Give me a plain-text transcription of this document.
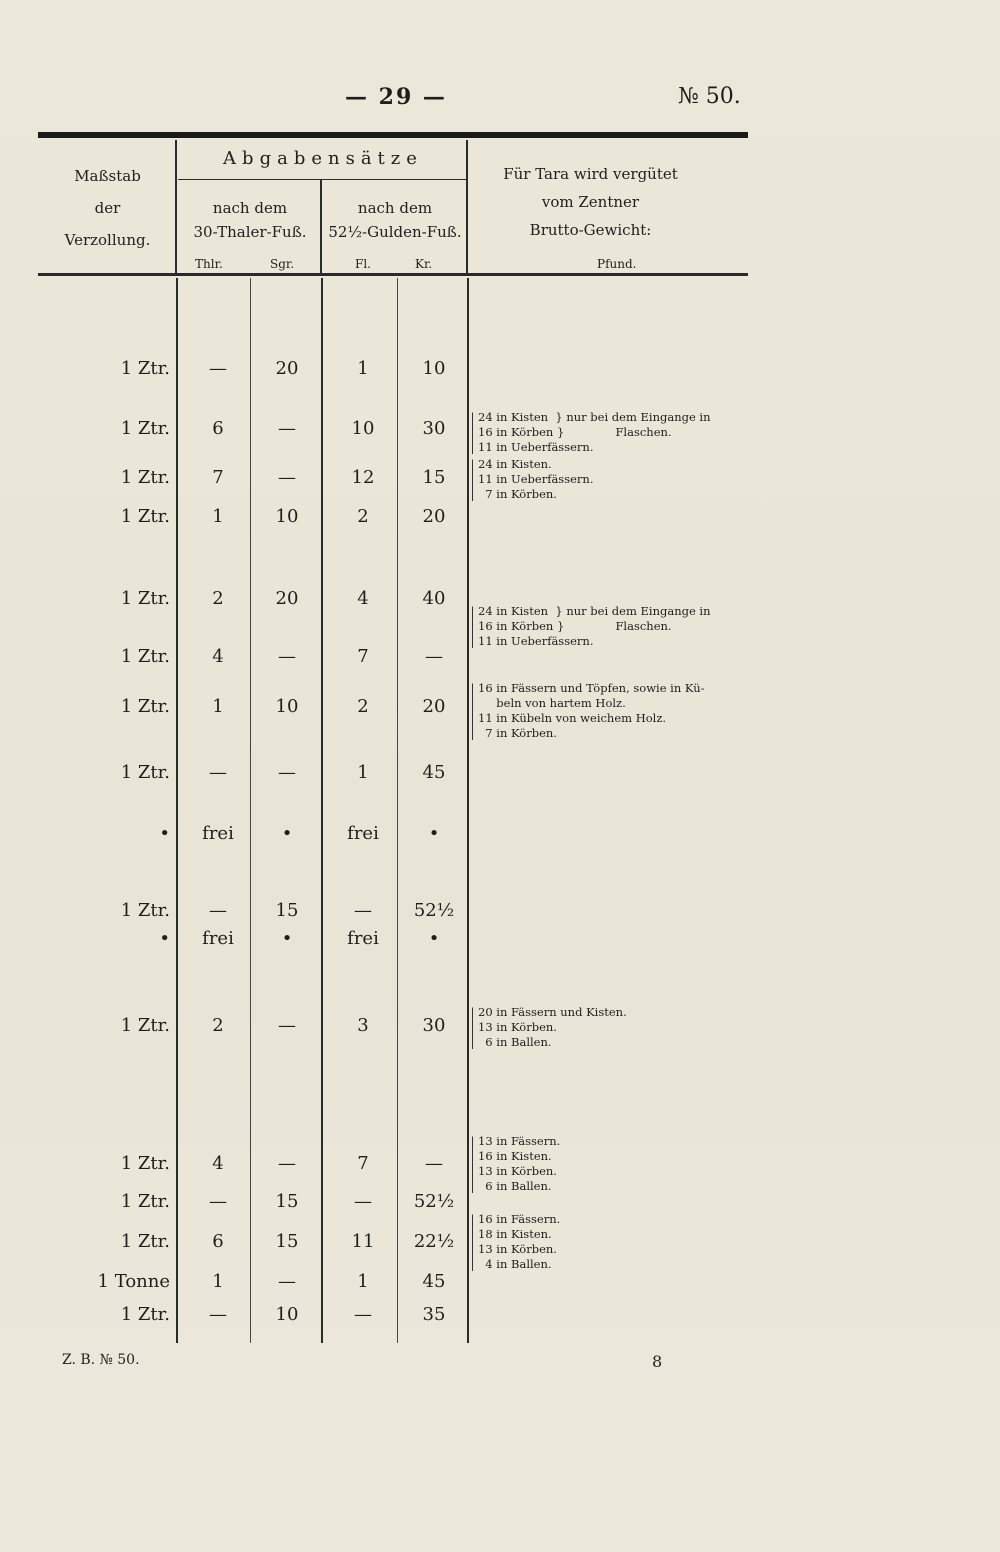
— 29 —	№ 50.
Maßstab
der
Verzollung.
Abgabensätze
nach dem
30-Thaler-Fuß.
nach dem
52½-Gulden-Fuß.
Für Tara wird vergütet
vom Zentner
Brutto-Gewicht:
Thlr.	Sgr.	Fl.	Kr.	Pfund.
1 Ztr.	—	20	1	10
1 Ztr.	6	—	10	30
1 Ztr.	7	—	12	15
1 Ztr.	1	10	2	20
1 Ztr.	2	20	4	40
1 Ztr.	4	—	7	—
1 Ztr.	1	10	2	20
1 Ztr.	—	—	1	45
•	frei	•	frei	•
1 Ztr.	—	15	—	52½
•	frei	•	frei	•
1 Ztr.	2	—	3	30
1 Ztr.	4	—	7	—
1 Ztr.	—	15	—	52½
1 Ztr.	6	15	11	22½
1 Tonne	1	—	1	45
1 Ztr.	—	10	—	35
24 in Kisten  } nur bei dem Eingange in
16 in Körben }              Flaschen.
11 in Ueberfässern.
24 in Kisten.
11 in Ueberfässern.
7 in Körben.
24 in Kisten  } nur bei dem Eingange in
16 in Körben }              Flaschen.
11 in Ueberfässern.
16 in Fässern und Töpfen, sowie in Kü-
beln von hartem Holz.
11 in Kübeln von weichem Holz.
7 in Körben.
20 in Fässern und Kisten.
13 in Körben.
6 in Ballen.
13 in Fässern.
16 in Kisten.
13 in Körben.
6 in Ballen.
16 in Fässern.
18 in Kisten.
13 in Körben.
4 in Ballen.
Z. B. № 50.	8
